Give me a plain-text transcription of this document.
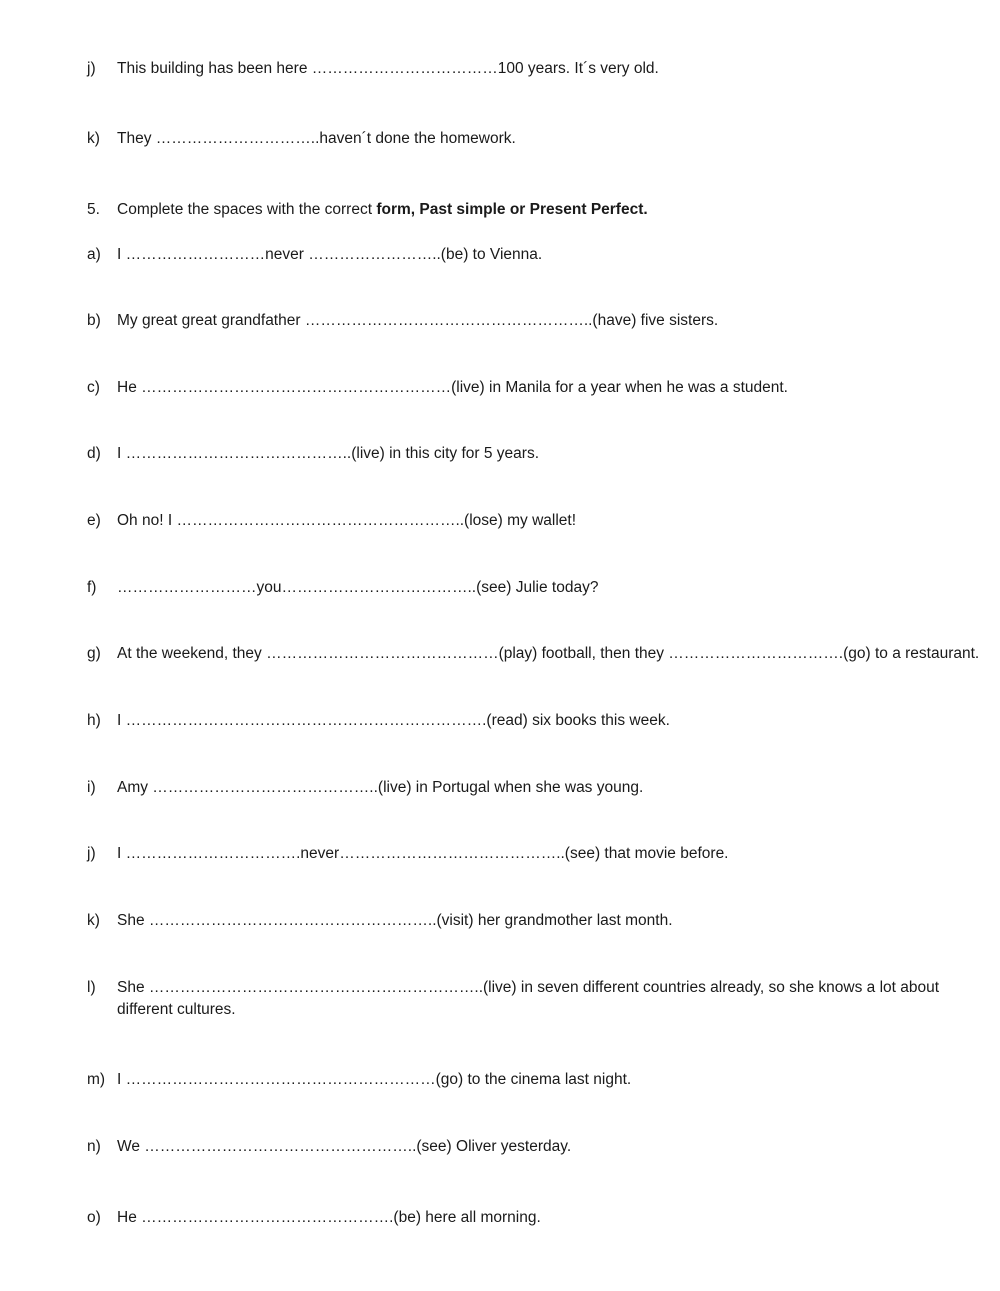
j) This building has been here ………………………………100 years. It´s very old.
k) They …………………………..haven´t done the homework.
5. Complete the spaces with the correct form, Past simple or Present Perfect.
a) I ………………………never ……………………..(be) to Vienna.
b) My great great grandfather ………………………………………………..(have) five sisters.
c) He ……………………………………………………(live) in Manila for a year when he was a student.
d) I ……………………………………..(live) in this city for 5 years.
e) Oh no! I ………………………………………………..(lose) my wallet!
f) ………………………you………………………………..(see) Julie today?
g) At the weekend, they ………………………………………(play) football, then they …………………………….(go) to a restaurant.
h) I …………………………………………………………….(read) six books this week.
i) Amy ……………………………………..(live) in Portugal when she was young.
j) I …………………………….never……………………………………..(see) that movie before.
k) She ………………………………………………..(visit) her grandmother last month.
l) She ………………………………………………………..(live) in seven different countries already, so she knows a lot about
different cultures.
m) I ……………………………………………………(go) to the cinema last night.
n) We ……………………………………………..(see) Oliver yesterday.
o) He ………………………………………….(be) here all morning.
